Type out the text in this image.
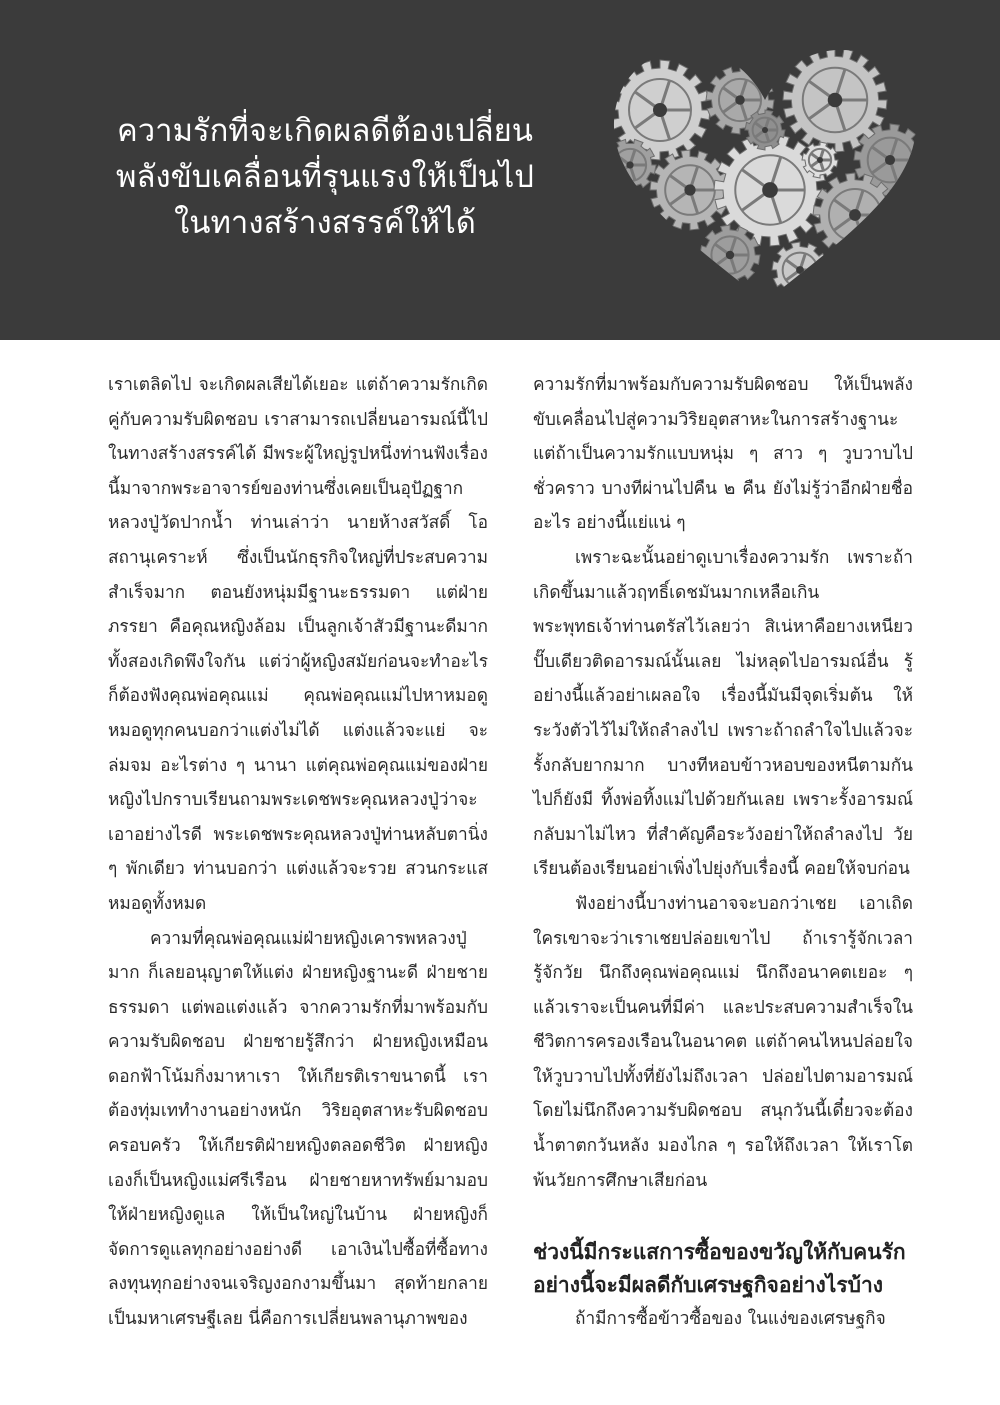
ความรักที่จะเกิดผลดีต้องเปลี่ยน
พลังขับเคลื่อนที่รุนแรงให้เป็นไป
ในทางสร้างสรรค์ให้ได้

เราเตลิดไป จะเกิดผลเสียได้เยอะ แต่ถ้าความรักเกิดคู่กับความรับผิดชอบ เราสามารถเปลี่ยนอารมณ์นี้ไปในทางสร้างสรรค์ได้ มีพระผู้ใหญ่รูปหนึ่งท่านฟังเรื่องนี้มาจากพระอาจารย์ของท่านซึ่งเคยเป็นอุปัฏฐากหลวงปู่วัดปากน้ำ ท่านเล่าว่า นายห้างสวัสดิ์ โอสถานุเคราะห์ ซึ่งเป็นนักธุรกิจใหญ่ที่ประสบความสำเร็จมาก ตอนยังหนุ่มมีฐานะธรรมดา แต่ฝ่ายภรรยา คือคุณหญิงล้อม เป็นลูกเจ้าสัวมีฐานะดีมาก ทั้งสองเกิดพึงใจกัน แต่ว่าผู้หญิงสมัยก่อนจะทำอะไรก็ต้องฟังคุณพ่อคุณแม่ คุณพ่อคุณแม่ไปหาหมอดู หมอดูทุกคนบอกว่าแต่งไม่ได้ แต่งแล้วจะแย่ จะล่มจม อะไรต่าง ๆ นานา แต่คุณพ่อคุณแม่ของฝ่ายหญิงไปกราบเรียนถามพระเดชพระคุณหลวงปู่ว่าจะเอาอย่างไรดี พระเดชพระคุณหลวงปู่ท่านหลับตานิ่ง ๆ พักเดียว ท่านบอกว่า แต่งแล้วจะรวย สวนกระแสหมอดูทั้งหมด

ความที่คุณพ่อคุณแม่ฝ่ายหญิงเคารพหลวงปู่มาก ก็เลยอนุญาตให้แต่ง ฝ่ายหญิงฐานะดี ฝ่ายชายธรรมดา แต่พอแต่งแล้ว จากความรักที่มาพร้อมกับความรับผิดชอบ ฝ่ายชายรู้สึกว่า ฝ่ายหญิงเหมือนดอกฟ้าโน้มกิ่งมาหาเรา ให้เกียรติเราขนาดนี้ เราต้องทุ่มเททำงานอย่างหนัก วิริยอุตสาหะรับผิดชอบครอบครัว ให้เกียรติฝ่ายหญิงตลอดชีวิต ฝ่ายหญิงเองก็เป็นหญิงแม่ศรีเรือน ฝ่ายชายหาทรัพย์มามอบให้ฝ่ายหญิงดูแล ให้เป็นใหญ่ในบ้าน ฝ่ายหญิงก็จัดการดูแลทุกอย่างอย่างดี เอาเงินไปซื้อที่ซื้อทางลงทุนทุกอย่างจนเจริญงอกงามขึ้นมา สุดท้ายกลายเป็นมหาเศรษฐีเลย นี่คือการเปลี่ยนพลานุภาพของ

ความรักที่มาพร้อมกับความรับผิดชอบ ให้เป็นพลังขับเคลื่อนไปสู่ความวิริยอุตสาหะในการสร้างฐานะ แต่ถ้าเป็นความรักแบบหนุ่ม ๆ สาว ๆ วูบวาบไปชั่วคราว บางทีผ่านไปคืน ๒ คืน ยังไม่รู้ว่าอีกฝ่ายชื่ออะไร อย่างนี้แย่แน่ ๆ

เพราะฉะนั้นอย่าดูเบาเรื่องความรัก เพราะถ้าเกิดขึ้นมาแล้วฤทธิ์เดชมันมากเหลือเกิน พระพุทธเจ้าท่านตรัสไว้เลยว่า สิเน่หาคือยางเหนียว ปั๊บเดียวติดอารมณ์นั้นเลย ไม่หลุดไปอารมณ์อื่น รู้อย่างนี้แล้วอย่าเผลอใจ เรื่องนี้มันมีจุดเริ่มต้น ให้ระวังตัวไว้ไม่ให้ถลำลงไป เพราะถ้าถลำใจไปแล้วจะรั้งกลับยากมาก บางทีหอบข้าวหอบของหนีตามกันไปก็ยังมี ทิ้งพ่อทิ้งแม่ไปด้วยกันเลย เพราะรั้งอารมณ์กลับมาไม่ไหว ที่สำคัญคือระวังอย่าให้ถลำลงไป วัยเรียนต้องเรียนอย่าเพิ่งไปยุ่งกับเรื่องนี้ คอยให้จบก่อน

ฟังอย่างนี้บางท่านอาจจะบอกว่าเชย เอาเถิดใครเขาจะว่าเราเชยปล่อยเขาไป ถ้าเรารู้จักเวลารู้จักวัย นึกถึงคุณพ่อคุณแม่ นึกถึงอนาคตเยอะ ๆ แล้วเราจะเป็นคนที่มีค่า และประสบความสำเร็จในชีวิตการครองเรือนในอนาคต แต่ถ้าคนไหนปล่อยใจให้วูบวาบไปทั้งที่ยังไม่ถึงเวลา ปล่อยไปตามอารมณ์โดยไม่นึกถึงความรับผิดชอบ สนุกวันนี้เดี๋ยวจะต้องน้ำตาตกวันหลัง มองไกล ๆ รอให้ถึงเวลา ให้เราโตพ้นวัยการศึกษาเสียก่อน

ช่วงนี้มีกระแสการซื้อของขวัญให้กับคนรัก
อย่างนี้จะมีผลดีกับเศรษฐกิจอย่างไรบ้าง

ถ้ามีการซื้อข้าวซื้อของ ในแง่ของเศรษฐกิจ
